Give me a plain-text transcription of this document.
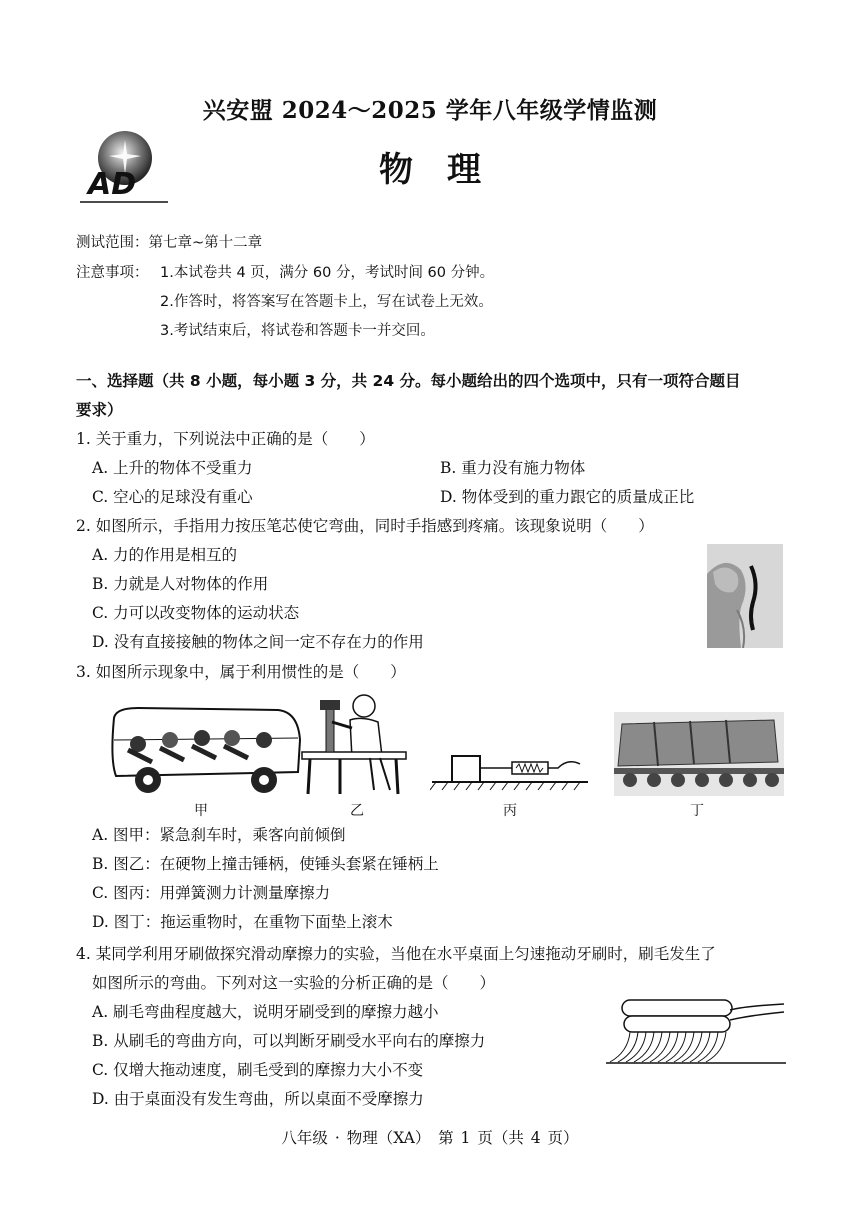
兴安盟 2024～2025 学年八年级学情监测
AD	物理
测试范围：第七章~第十二章
注意事项： 1.本试卷共 4 页，满分 60 分，考试时间 60 分钟。
2.作答时，将答案写在答题卡上，写在试卷上无效。
3.考试结束后，将试卷和答题卡一并交回。
一、选择题（共 8 小题，每小题 3 分，共 24 分。每小题给出的四个选项中，只有一项符合题目
要求）
1. 关于重力，下列说法中正确的是（　　）
A. 上升的物体不受重力	B. 重力没有施力物体
C. 空心的足球没有重心	D. 物体受到的重力跟它的质量成正比
2. 如图所示，手指用力按压笔芯使它弯曲，同时手指感到疼痛。该现象说明（　　）
A. 力的作用是相互的
B. 力就是人对物体的作用
C. 力可以改变物体的运动状态
D. 没有直接接触的物体之间一定不存在力的作用
3. 如图所示现象中，属于利用惯性的是（　　）
甲	乙	丙	丁
A. 图甲：紧急刹车时，乘客向前倾倒
B. 图乙：在硬物上撞击锤柄，使锤头套紧在锤柄上
C. 图丙：用弹簧测力计测量摩擦力
D. 图丁：拖运重物时，在重物下面垫上滚木
4. 某同学利用牙刷做探究滑动摩擦力的实验，当他在水平桌面上匀速拖动牙刷时，刷毛发生了
如图所示的弯曲。下列对这一实验的分析正确的是（　　）
A. 刷毛弯曲程度越大，说明牙刷受到的摩擦力越小
B. 从刷毛的弯曲方向，可以判断牙刷受水平向右的摩擦力
C. 仅增大拖动速度，刷毛受到的摩擦力大小不变
D. 由于桌面没有发生弯曲，所以桌面不受摩擦力
八年级 · 物理（XA）　第 1 页（共 4 页）
